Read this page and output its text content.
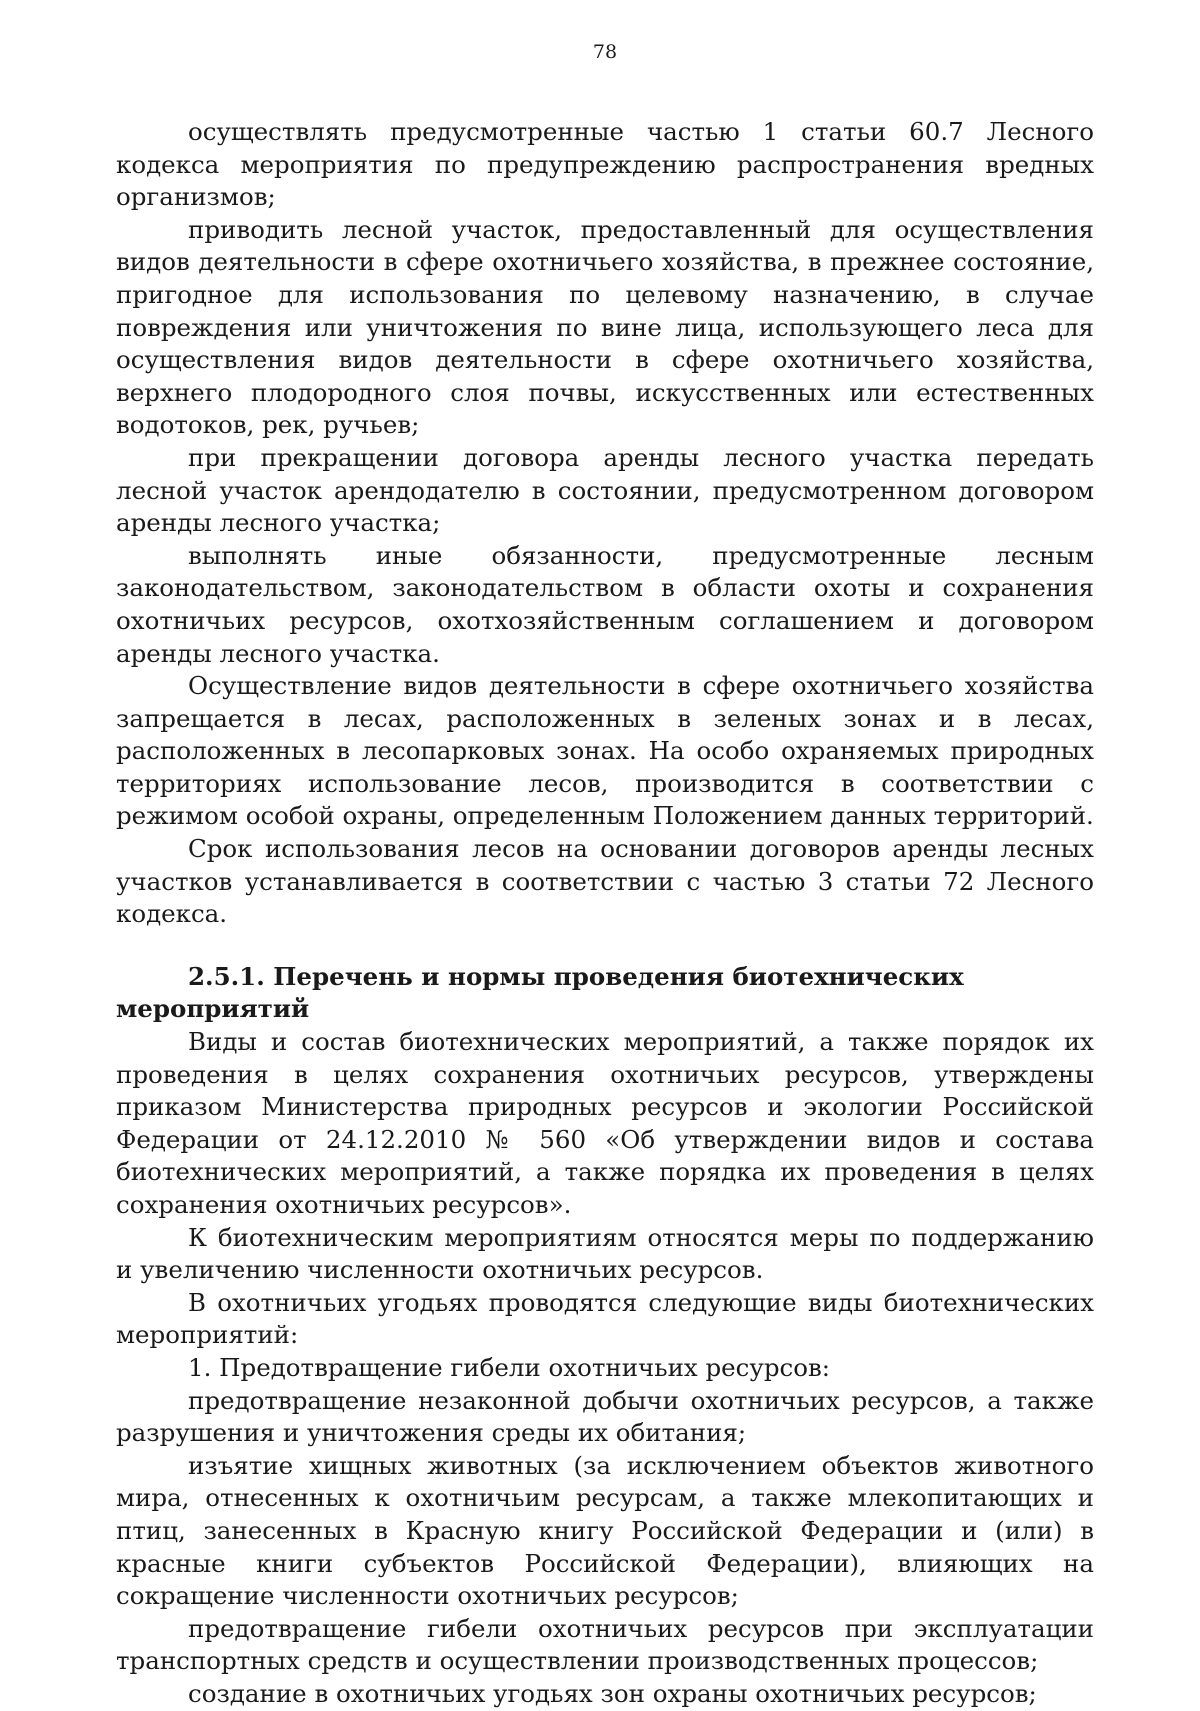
78

осуществлять предусмотренные частью 1 статьи 60.7 Лесного кодекса мероприятия по предупреждению распространения вредных организмов;

приводить лесной участок, предоставленный для осуществления видов деятельности в сфере охотничьего хозяйства, в прежнее состояние, пригодное для использования по целевому назначению, в случае повреждения или уничтожения по вине лица, использующего леса для осуществления видов деятельности в сфере охотничьего хозяйства, верхнего плодородного слоя почвы, искусственных или естественных водотоков, рек, ручьев;

при прекращении договора аренды лесного участка передать лесной участок арендодателю в состоянии, предусмотренном договором аренды лесного участка;

выполнять иные обязанности, предусмотренные лесным законодательством, законодательством в области охоты и сохранения охотничьих ресурсов, охотхозяйственным соглашением и договором аренды лесного участка.

Осуществление видов деятельности в сфере охотничьего хозяйства запрещается в лесах, расположенных в зеленых зонах и в лесах, расположенных в лесопарковых зонах. На особо охраняемых природных территориях использование лесов, производится в соответствии с режимом особой охраны, определенным Положением данных территорий.

Срок использования лесов на основании договоров аренды лесных участков устанавливается в соответствии с частью 3 статьи 72 Лесного кодекса.

2.5.1. Перечень и нормы проведения биотехнических мероприятий

Виды и состав биотехнических мероприятий, а также порядок их проведения в целях сохранения охотничьих ресурсов, утверждены приказом Министерства природных ресурсов и экологии Российской Федерации от 24.12.2010 № 560 «Об утверждении видов и состава биотехнических мероприятий, а также порядка их проведения в целях сохранения охотничьих ресурсов».

К биотехническим мероприятиям относятся меры по поддержанию и увеличению численности охотничьих ресурсов.

В охотничьих угодьях проводятся следующие виды биотехнических мероприятий:

1. Предотвращение гибели охотничьих ресурсов:

предотвращение незаконной добычи охотничьих ресурсов, а также разрушения и уничтожения среды их обитания;

изъятие хищных животных (за исключением объектов животного мира, отнесенных к охотничьим ресурсам, а также млекопитающих и птиц, занесенных в Красную книгу Российской Федерации и (или) в красные книги субъектов Российской Федерации), влияющих на сокращение численности охотничьих ресурсов;

предотвращение гибели охотничьих ресурсов при эксплуатации транспортных средств и осуществлении производственных процессов;

создание в охотничьих угодьях зон охраны охотничьих ресурсов;
